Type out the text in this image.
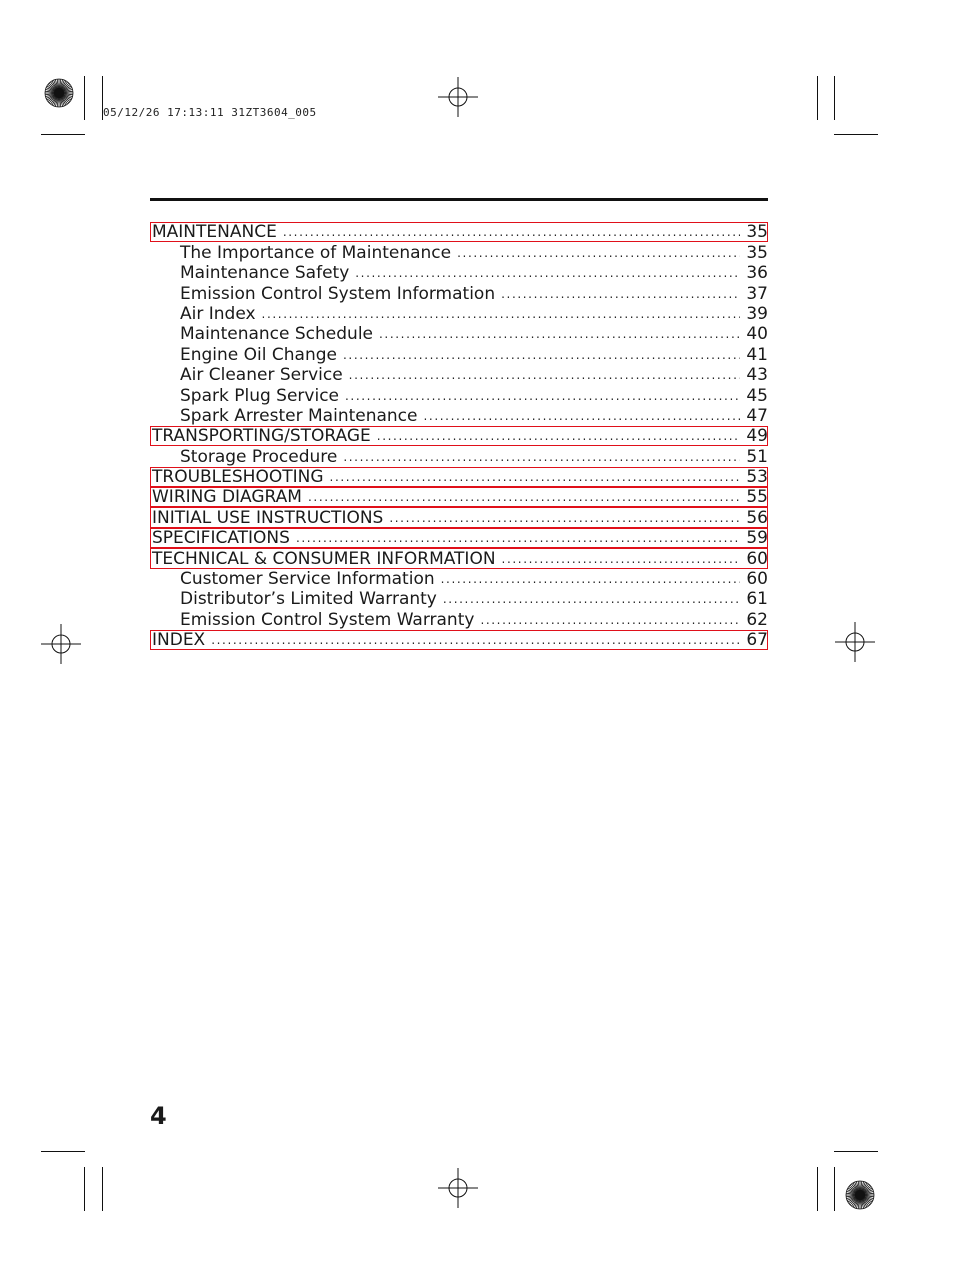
05/12/26 17:13:11 31ZT3604_005
MAINTENANCE .....	35
The Importance of Maintenance .....	35
Maintenance Safety .....	36
Emission Control System Information .....	37
Air Index .....	39
Maintenance Schedule .....	40
Engine Oil Change .....	41
Air Cleaner Service .....	43
Spark Plug Service .....	45
Spark Arrester Maintenance .....	47
TRANSPORTING/STORAGE .....	49
Storage Procedure .....	51
TROUBLESHOOTING .....	53
WIRING DIAGRAM .....	55
INITIAL USE INSTRUCTIONS .....	56
SPECIFICATIONS .....	59
TECHNICAL & CONSUMER INFORMATION .....	60
Customer Service Information .....	60
Distributor’s Limited Warranty .....	61
Emission Control System Warranty .....	62
INDEX .....	67
4
